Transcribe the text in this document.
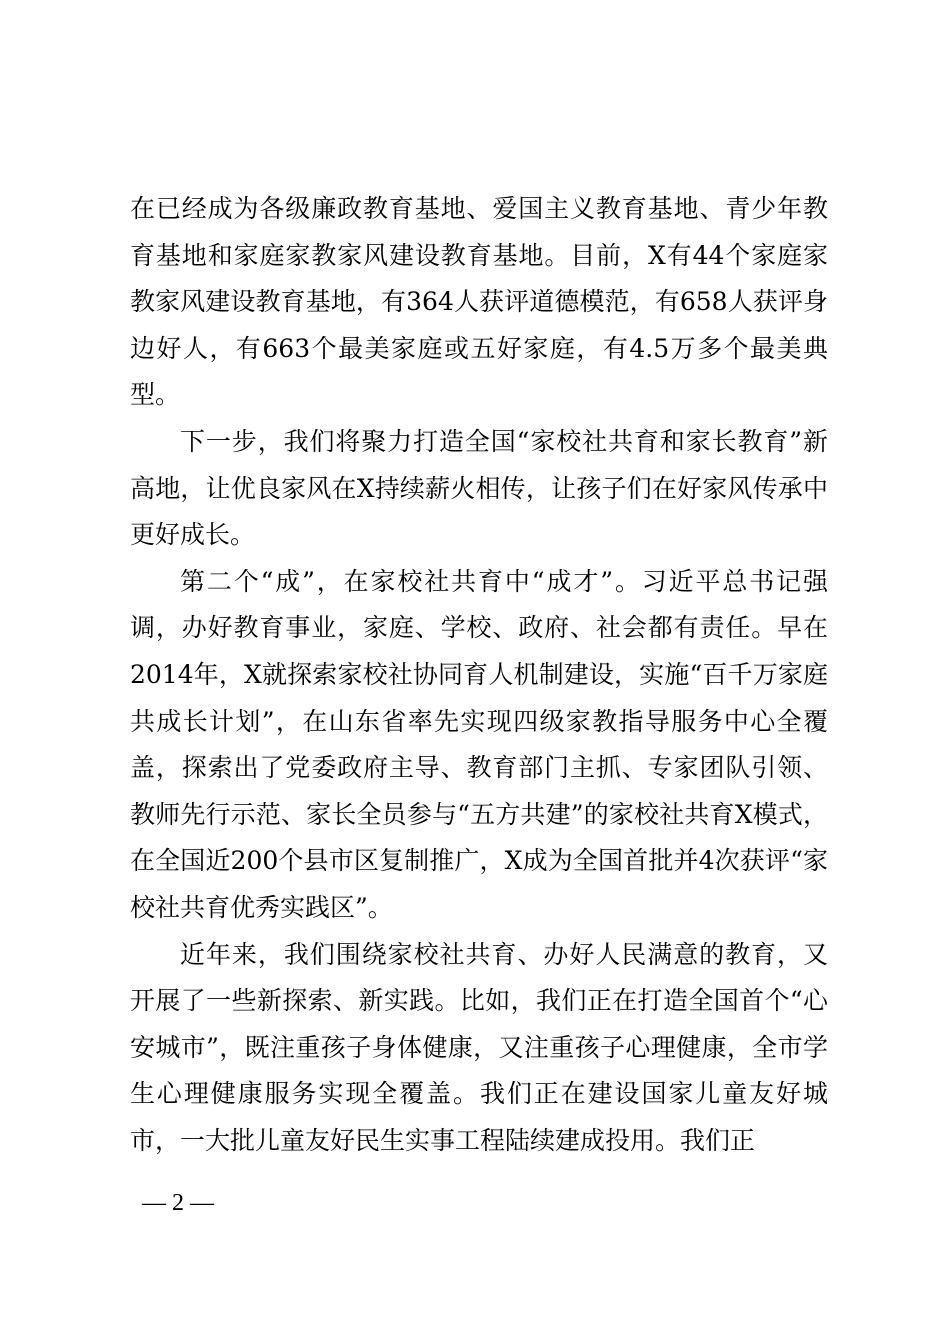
在已经成为各级廉政教育基地、爱国主义教育基地、青少年教育基地和家庭家教家风建设教育基地。目前，X有44个家庭家教家风建设教育基地，有364人获评道德模范，有658人获评身边好人，有663个最美家庭或五好家庭，有4.5万多个最美典型。

下一步，我们将聚力打造全国“家校社共育和家长教育”新高地，让优良家风在X持续薪火相传，让孩子们在好家风传承中更好成长。

第二个“成”，在家校社共育中“成才”。习近平总书记强调，办好教育事业，家庭、学校、政府、社会都有责任。早在2014年，X就探索家校社协同育人机制建设，实施“百千万家庭共成长计划”，在山东省率先实现四级家教指导服务中心全覆盖，探索出了党委政府主导、教育部门主抓、专家团队引领、教师先行示范、家长全员参与“五方共建”的家校社共育X模式，在全国近200个县市区复制推广，X成为全国首批并4次获评“家校社共育优秀实践区”。

近年来，我们围绕家校社共育、办好人民满意的教育，又开展了一些新探索、新实践。比如，我们正在打造全国首个“心安城市”，既注重孩子身体健康，又注重孩子心理健康，全市学生心理健康服务实现全覆盖。我们正在建设国家儿童友好城市，一大批儿童友好民生实事工程陆续建成投用。我们正

— 2 —
